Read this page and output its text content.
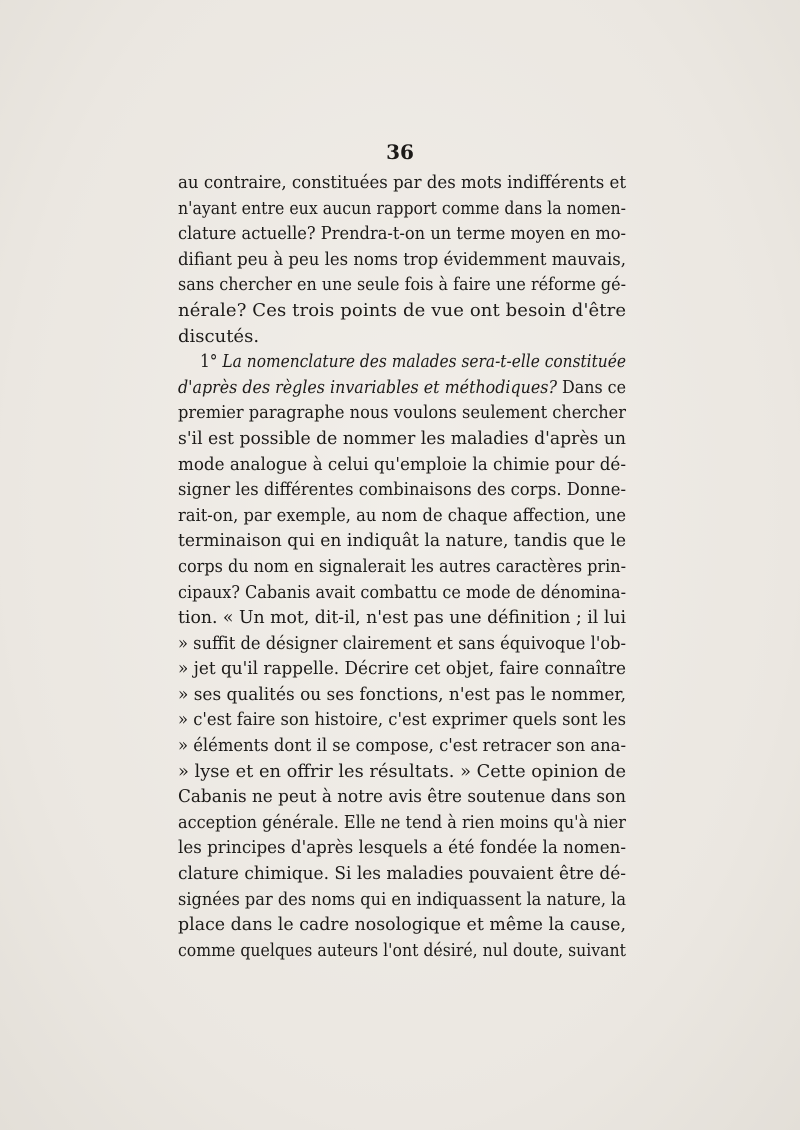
36
au contraire, constituées par des mots indifférents et
n'ayant entre eux aucun rapport comme dans la nomen-
clature actuelle? Prendra-t-on un terme moyen en mo-
difiant peu à peu les noms trop évidemment mauvais,
sans chercher en une seule fois à faire une réforme gé-
nérale? Ces trois points de vue ont besoin d'être
discutés.
1° La nomenclature des malades sera-t-elle constituée
d'après des règles invariables et méthodiques? Dans ce
premier paragraphe nous voulons seulement chercher
s'il est possible de nommer les maladies d'après un
mode analogue à celui qu'emploie la chimie pour dé-
signer les différentes combinaisons des corps. Donne-
rait-on, par exemple, au nom de chaque affection, une
terminaison qui en indiquât la nature, tandis que le
corps du nom en signalerait les autres caractères prin-
cipaux? Cabanis avait combattu ce mode de dénomina-
tion. « Un mot, dit-il, n'est pas une définition ; il lui
» suffit de désigner clairement et sans équivoque l'ob-
» jet qu'il rappelle. Décrire cet objet, faire connaître
» ses qualités ou ses fonctions, n'est pas le nommer,
» c'est faire son histoire, c'est exprimer quels sont les
» éléments dont il se compose, c'est retracer son ana-
» lyse et en offrir les résultats. » Cette opinion de
Cabanis ne peut à notre avis être soutenue dans son
acception générale. Elle ne tend à rien moins qu'à nier
les principes d'après lesquels a été fondée la nomen-
clature chimique. Si les maladies pouvaient être dé-
signées par des noms qui en indiquassent la nature, la
place dans le cadre nosologique et même la cause,
comme quelques auteurs l'ont désiré, nul doute, suivant
